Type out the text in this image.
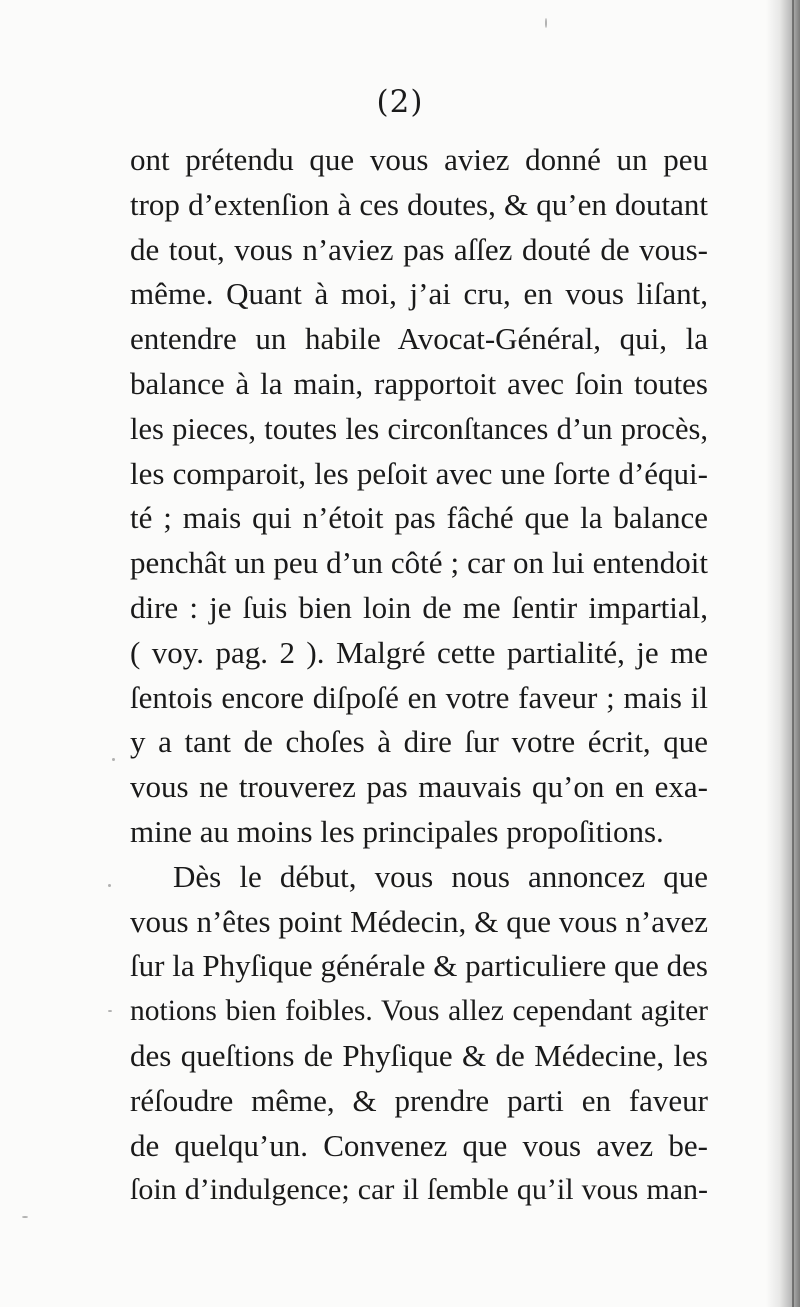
(2)
ont prétendu que vous aviez donné un peu
trop d’extenſion à ces doutes, & qu’en doutant
de tout, vous n’aviez pas aſſez douté de vous-
même. Quant à moi, j’ai cru, en vous liſant,
entendre un habile Avocat-Général, qui, la
balance à la main, rapportoit avec ſoin toutes
les pieces, toutes les circonſtances d’un procès,
les comparoit, les peſoit avec une ſorte d’équi-
té ; mais qui n’étoit pas fâché que la balance
penchât un peu d’un côté ; car on lui entendoit
dire : je ſuis bien loin de me ſentir impartial,
( voy. pag. 2 ). Malgré cette partialité, je me
ſentois encore diſpoſé en votre faveur ; mais il
y a tant de choſes à dire ſur votre écrit, que
vous ne trouverez pas mauvais qu’on en exa-
mine au moins les principales propoſitions.
Dès le début, vous nous annoncez que
vous n’êtes point Médecin, & que vous n’avez
ſur la Phyſique générale & particuliere que des
notions bien foibles. Vous allez cependant agiter
des queſtions de Phyſique & de Médecine, les
réſoudre même, & prendre parti en faveur
de quelqu’un. Convenez que vous avez be-
ſoin d’indulgence; car il ſemble qu’il vous man-
